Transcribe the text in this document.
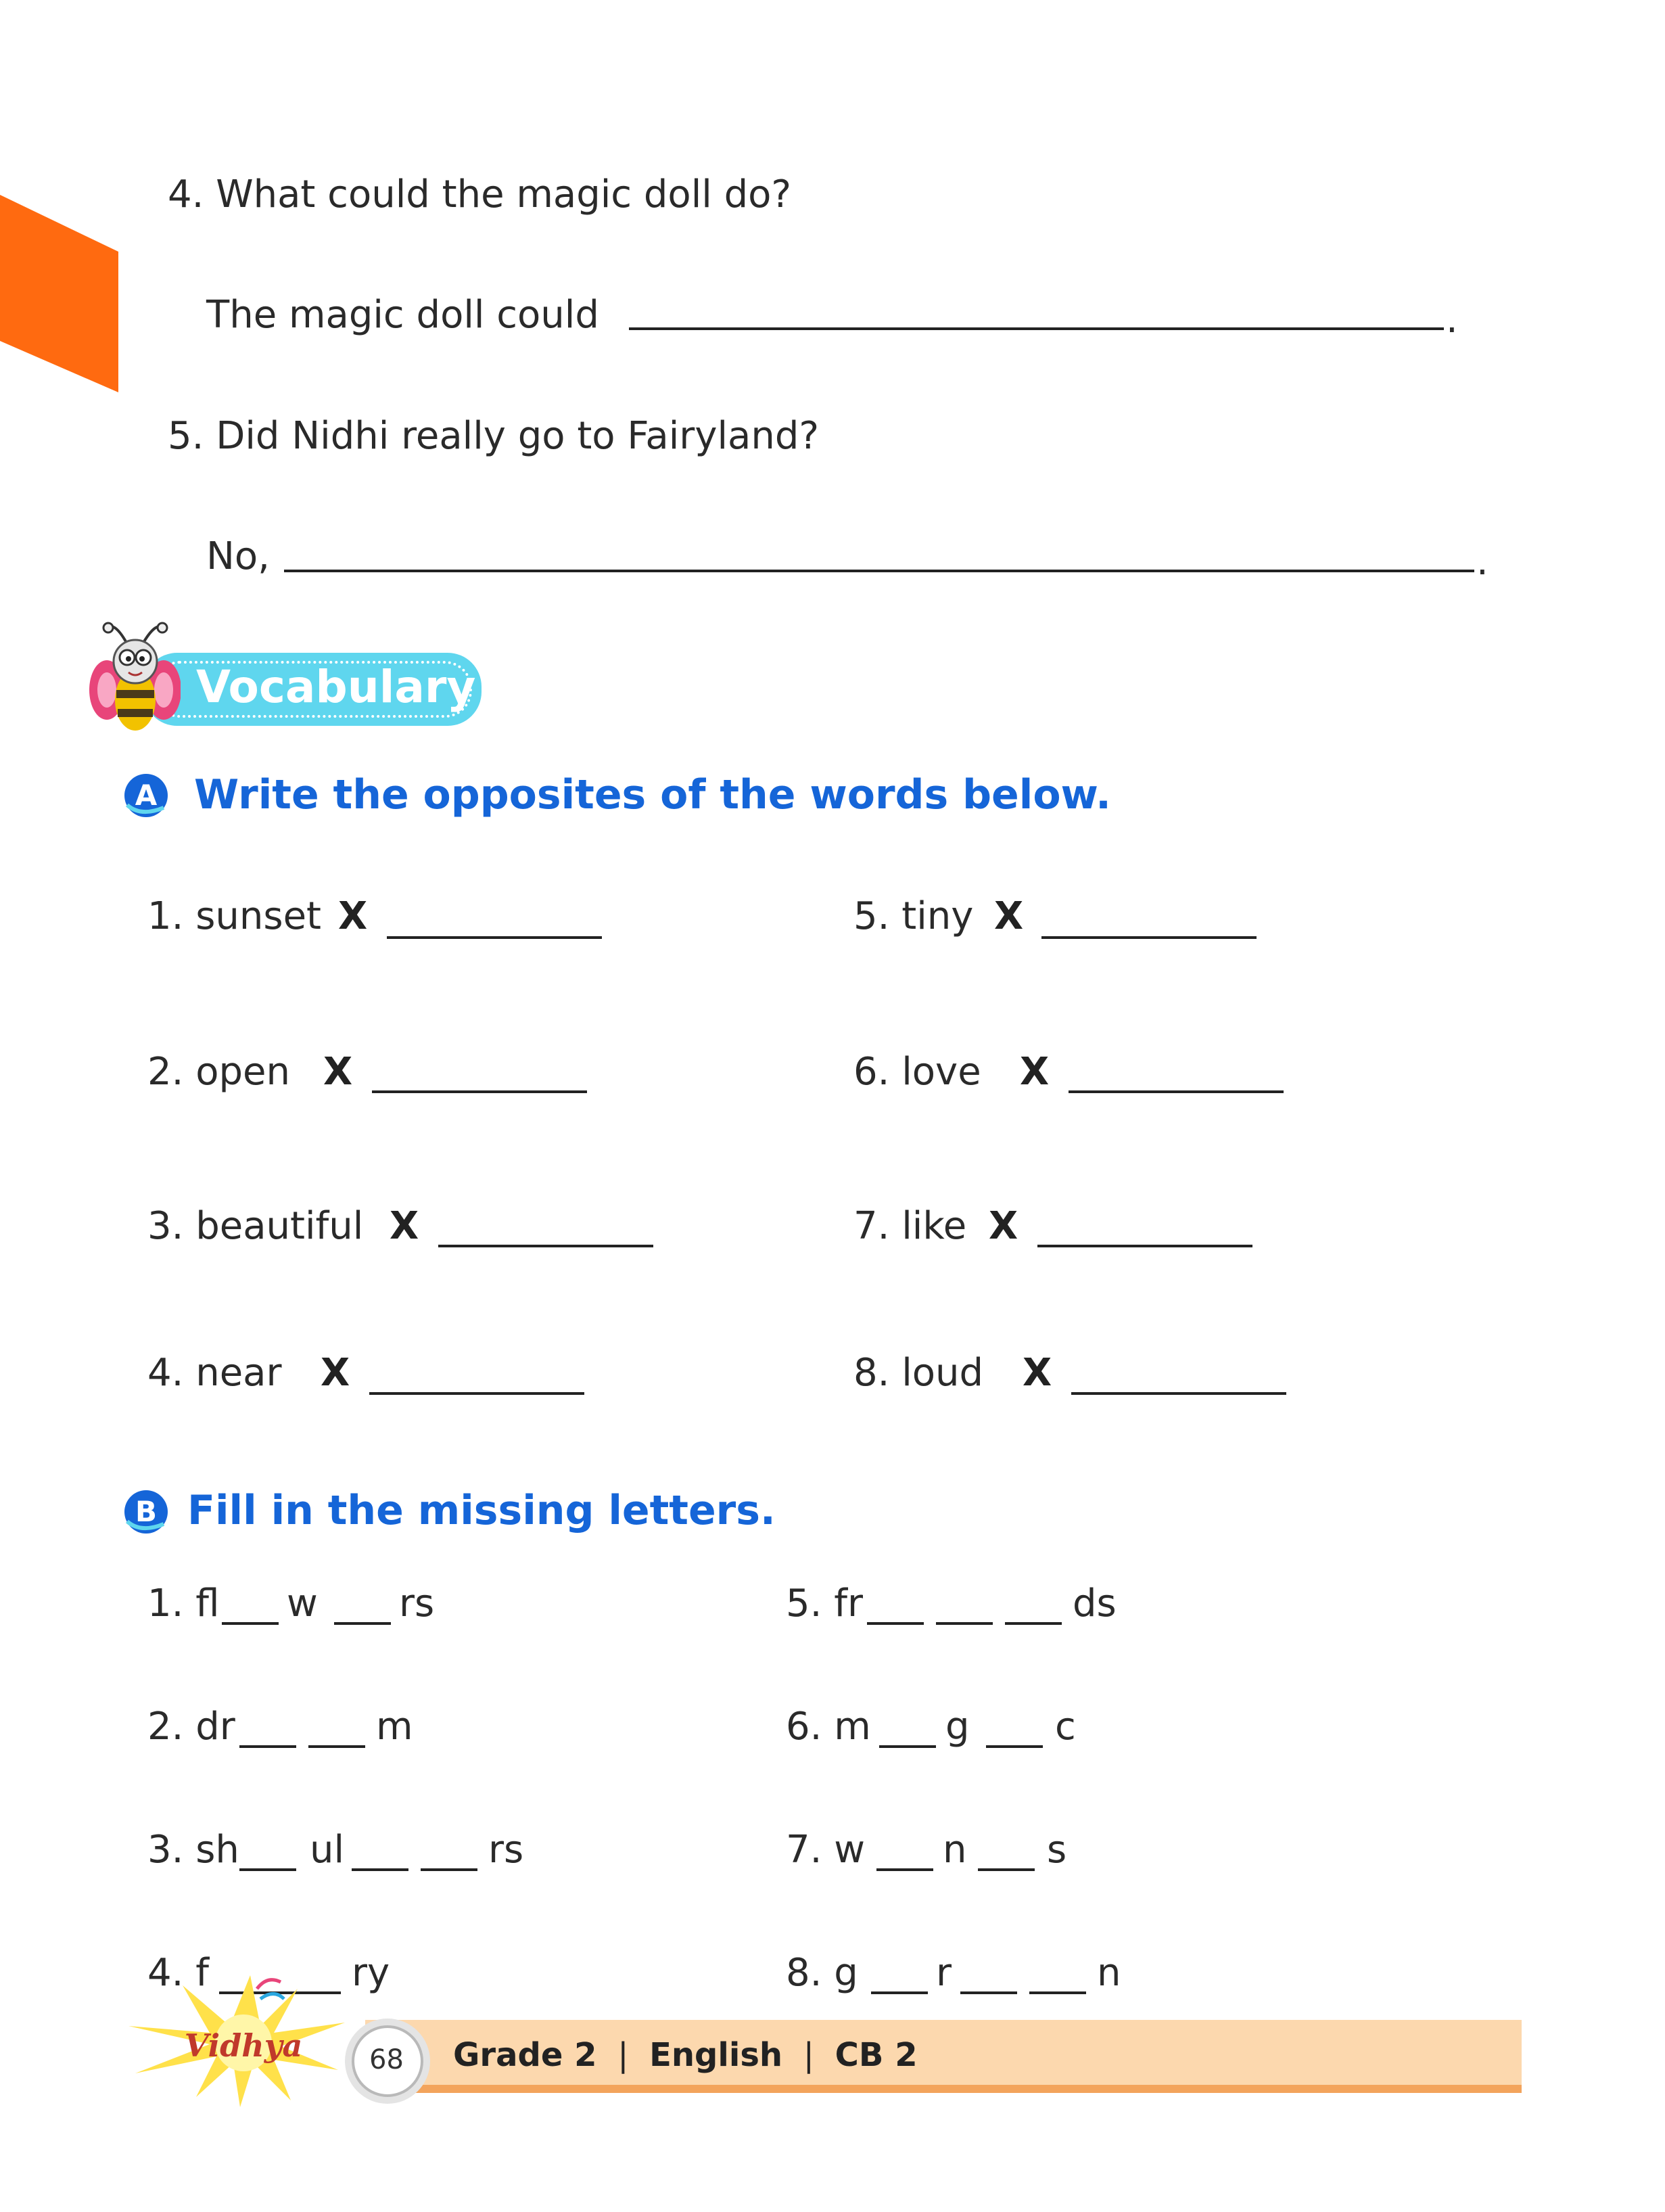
4. What could the magic doll do?
The magic doll could	.
5. Did Nidhi really go to Fairyland?
No,	.
Vocabulary
A Write the opposites of the words below.
1. sunset X
2. open X
3. beautiful X
4. near X
5. tiny X
6. love X
7. like X
8. loud X
B Fill in the missing letters.
1. fl w rs
2. dr	m
3. sh ul	rs
4. f	ry
5. fr	ds
6. m g c
7. w n s
8. g r	n
Grade 2 | English | CB 2
68
Vidhya
